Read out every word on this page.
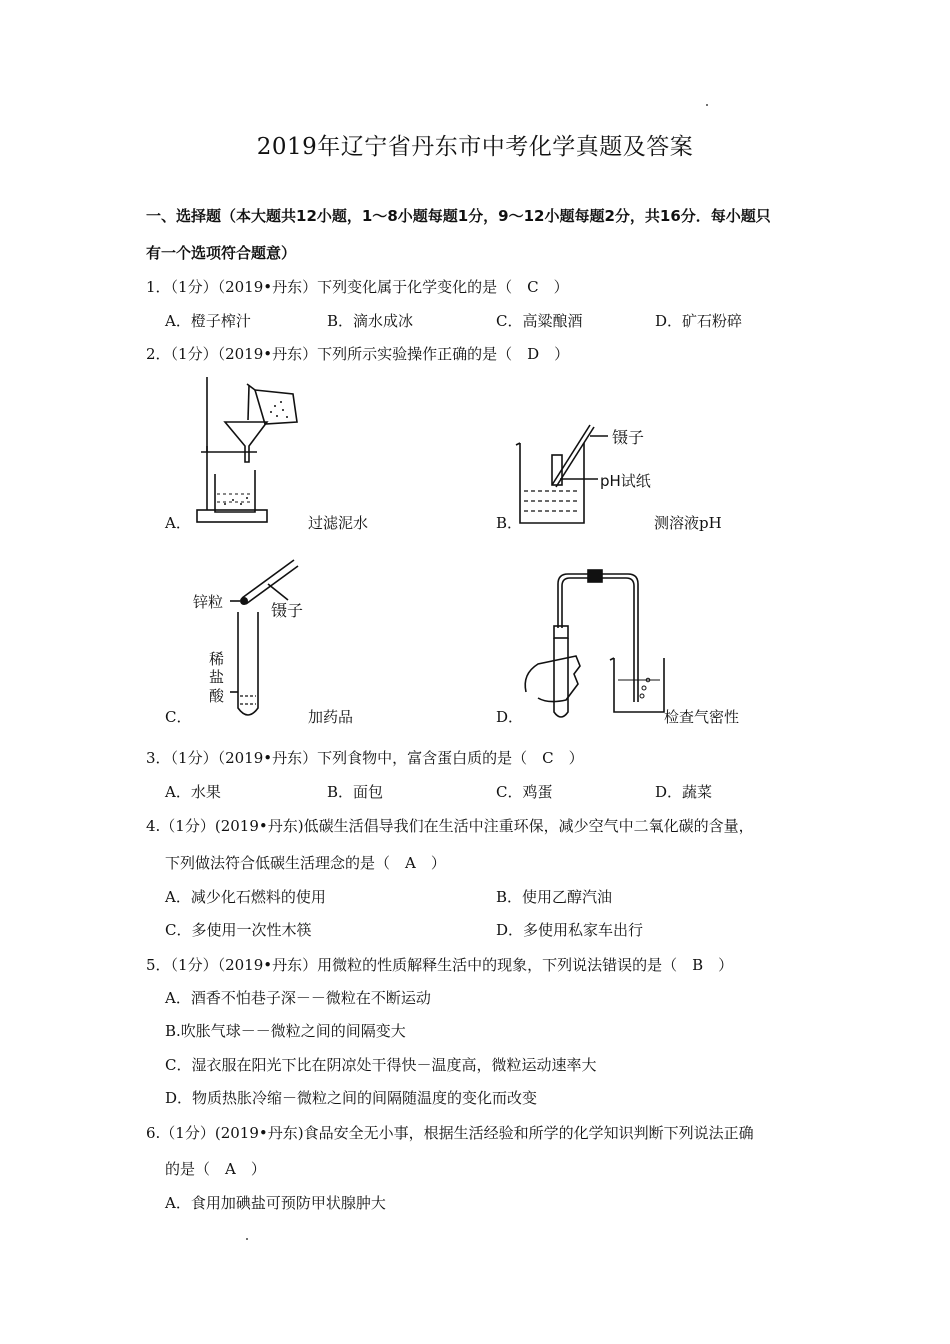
2019年辽宁省丹东市中考化学真题及答案
一、选择题（本大题共12小题，1～8小题每题1分，9～12小题每题2分，共16分．每小题只
有一个选项符合题意）
1．（1分）（2019•丹东）下列变化属于化学变化的是（　C　）
A．橙子榨汁	B．滴水成冰	C．高粱酿酒	D．矿石粉碎
2．（1分）（2019•丹东）下列所示实验操作正确的是（　D　）
A．	过滤泥水
镊子
pH试纸
B．	测溶液pH
锌粒	镊子
稀
盐
酸
C．	加药品	D．	检查气密性
3．（1分）（2019•丹东）下列食物中，富含蛋白质的是（　C　）
A．水果	B．面包	C．鸡蛋	D．蔬菜
4.（1分）(2019•丹东)低碳生活倡导我们在生活中注重环保，减少空气中二氧化碳的含量，
下列做法符合低碳生活理念的是（　A　）
A．减少化石燃料的使用	B．使用乙醇汽油
C．多使用一次性木筷	D．多使用私家车出行
5．（1分）（2019•丹东）用微粒的性质解释生活中的现象，下列说法错误的是（　B　）
A．酒香不怕巷子深－－微粒在不断运动
B.吹胀气球－－微粒之间的间隔变大
C．湿衣服在阳光下比在阴凉处干得快－温度高，微粒运动速率大
D．物质热胀冷缩－微粒之间的间隔随温度的变化而改变
6.（1分）(2019•丹东)食品安全无小事，根据生活经验和所学的化学知识判断下列说法正确
的是（　A　）
A．食用加碘盐可预防甲状腺肿大
